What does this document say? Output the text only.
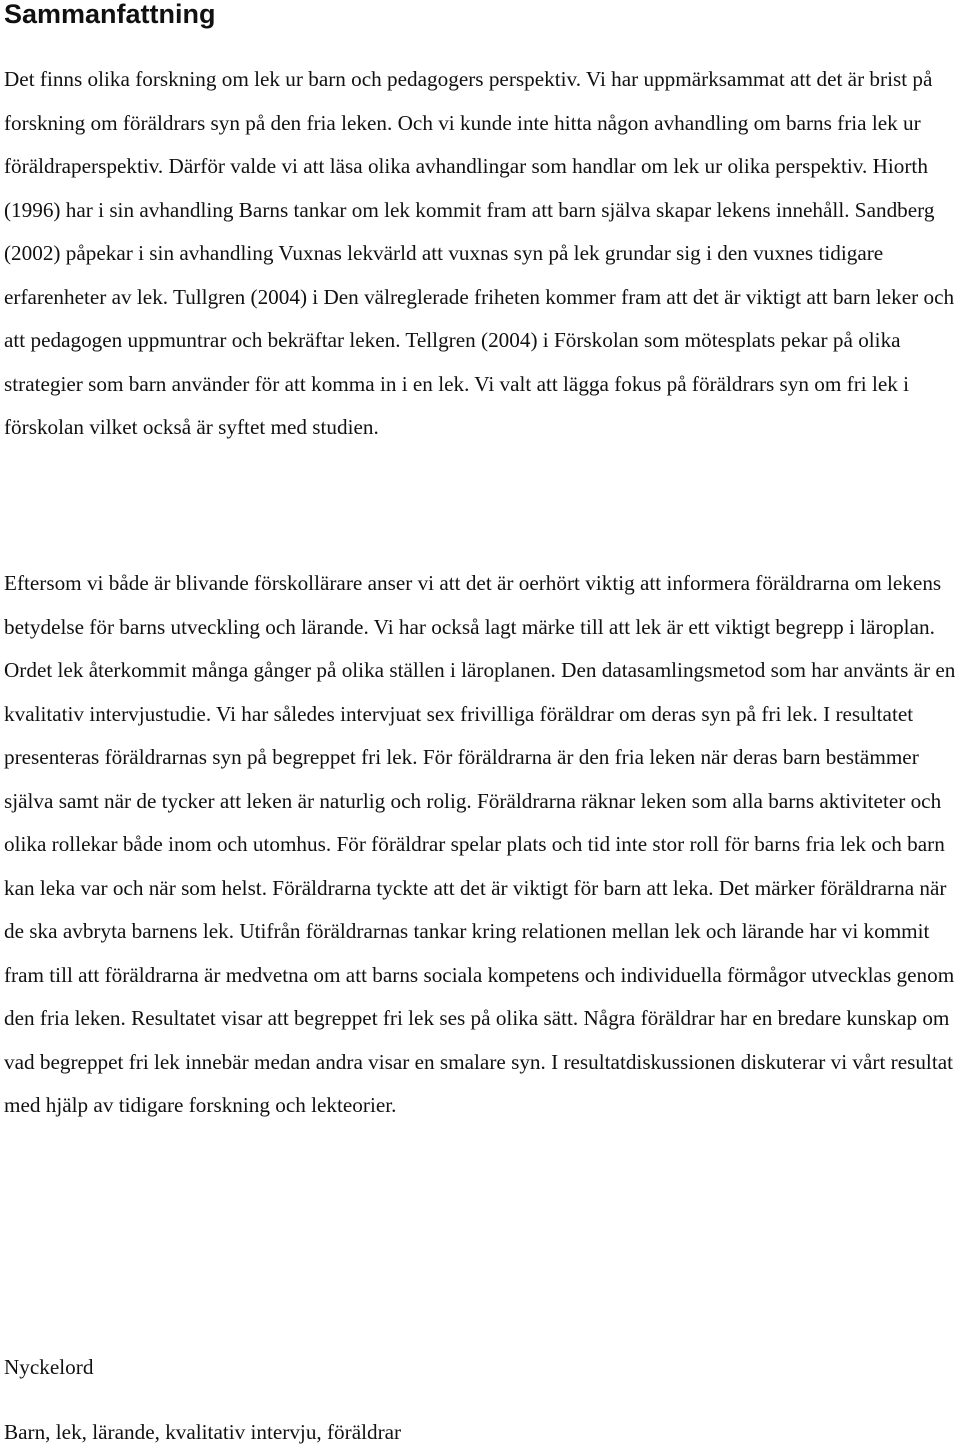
Sammanfattning

Det finns olika forskning om lek ur barn och pedagogers perspektiv. Vi har uppmärksammat att det är brist på forskning om föräldrars syn på den fria leken. Och vi kunde inte hitta någon avhandling om barns fria lek ur föräldraperspektiv. Därför valde vi att läsa olika avhandlingar som handlar om lek ur olika perspektiv. Hiorth (1996) har i sin avhandling Barns tankar om lek kommit fram att barn själva skapar lekens innehåll. Sandberg (2002) påpekar i sin avhandling Vuxnas lekvärld att vuxnas syn på lek grundar sig i den vuxnes tidigare erfarenheter av lek. Tullgren (2004) i Den välreglerade friheten kommer fram att det är viktigt att barn leker och att pedagogen uppmuntrar och bekräftar leken. Tellgren (2004) i Förskolan som mötesplats pekar på olika strategier som barn använder för att komma in i en lek. Vi valt att lägga fokus på föräldrars syn om fri lek i förskolan vilket också är syftet med studien.

Eftersom vi både är blivande förskollärare anser vi att det är oerhört viktig att informera föräldrarna om lekens betydelse för barns utveckling och lärande. Vi har också lagt märke till att lek är ett viktigt begrepp i läroplan. Ordet lek återkommit många gånger på olika ställen i läroplanen. Den datasamlingsmetod som har använts är en kvalitativ intervjustudie. Vi har således intervjuat sex frivilliga föräldrar om deras syn på fri lek. I resultatet presenteras föräldrarnas syn på begreppet fri lek. För föräldrarna är den fria leken när deras barn bestämmer själva samt när de tycker att leken är naturlig och rolig. Föräldrarna räknar leken som alla barns aktiviteter och olika rollekar både inom och utomhus. För föräldrar spelar plats och tid inte stor roll för barns fria lek och barn kan leka var och när som helst. Föräldrarna tyckte att det är viktigt för barn att leka. Det märker föräldrarna när de ska avbryta barnens lek. Utifrån föräldrarnas tankar kring relationen mellan lek och lärande har vi kommit fram till att föräldrarna är medvetna om att barns sociala kompetens och individuella förmågor utvecklas genom den fria leken. Resultatet visar att begreppet fri lek ses på olika sätt. Några föräldrar har en bredare kunskap om vad begreppet fri lek innebär medan andra visar en smalare syn. I resultatdiskussionen diskuterar vi vårt resultat med hjälp av tidigare forskning och lekteorier.

Nyckelord

Barn, lek, lärande, kvalitativ intervju, föräldrar
